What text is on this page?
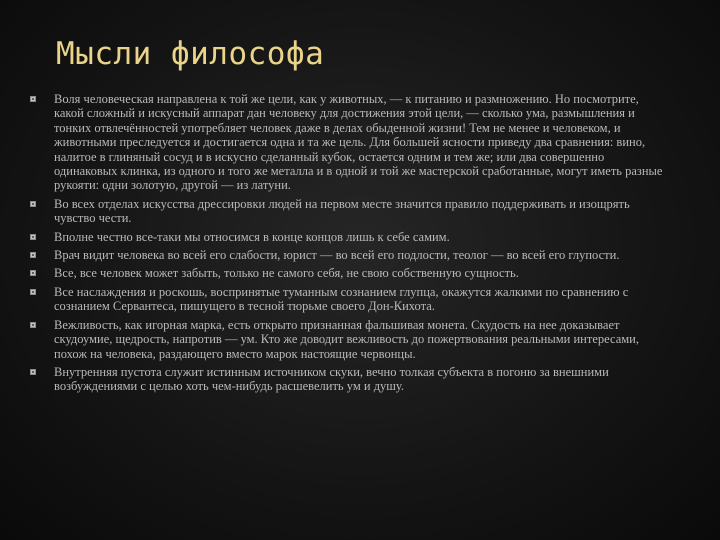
Мысли философа
Воля человеческая направлена к той же цели, как у животных, — к питанию и размножению. Но посмотрите, какой сложный и искусный аппарат дан человеку для достижения этой цели, — сколько ума, размышления и тонких отвлечённостей употребляет человек даже в делах обыденной жизни! Тем не менее и человеком, и животными преследуется и достигается одна и та же цель. Для большей ясности приведу два сравнения: вино, налитое в глиняный сосуд и в искусно сделанный кубок, остается одним и тем же; или два совершенно одинаковых клинка, из одного и того же металла и в одной и той же мастерской сработанные, могут иметь разные рукояти: одни золотую, другой — из латуни.
Во всех отделах искусства дрессировки людей на первом месте значится правило поддерживать и изощрять чувство чести.
Вполне честно все-таки мы относимся в конце концов лишь к себе самим.
Врач видит человека во всей его слабости, юрист — во всей его подлости, теолог — во всей его глупости.
Все, все человек может забыть, только не самого себя, не свою собственную сущность.
Все наслаждения и роскошь, воспринятые туманным сознанием глупца, окажутся жалкими по сравнению с сознанием Сервантеса, пишущего в тесной тюрьме своего Дон-Кихота.
Вежливость, как игорная марка, есть открыто признанная фальшивая монета. Скудость на нее доказывает скудоумие, щедрость, напротив — ум. Кто же доводит вежливость до пожертвования реальными интересами, похож на человека, раздающего вместо марок настоящие червонцы.
Внутренняя пустота служит истинным источником скуки, вечно толкая субъекта в погоню за внешними возбуждениями с целью хоть чем-нибудь расшевелить ум и душу.
